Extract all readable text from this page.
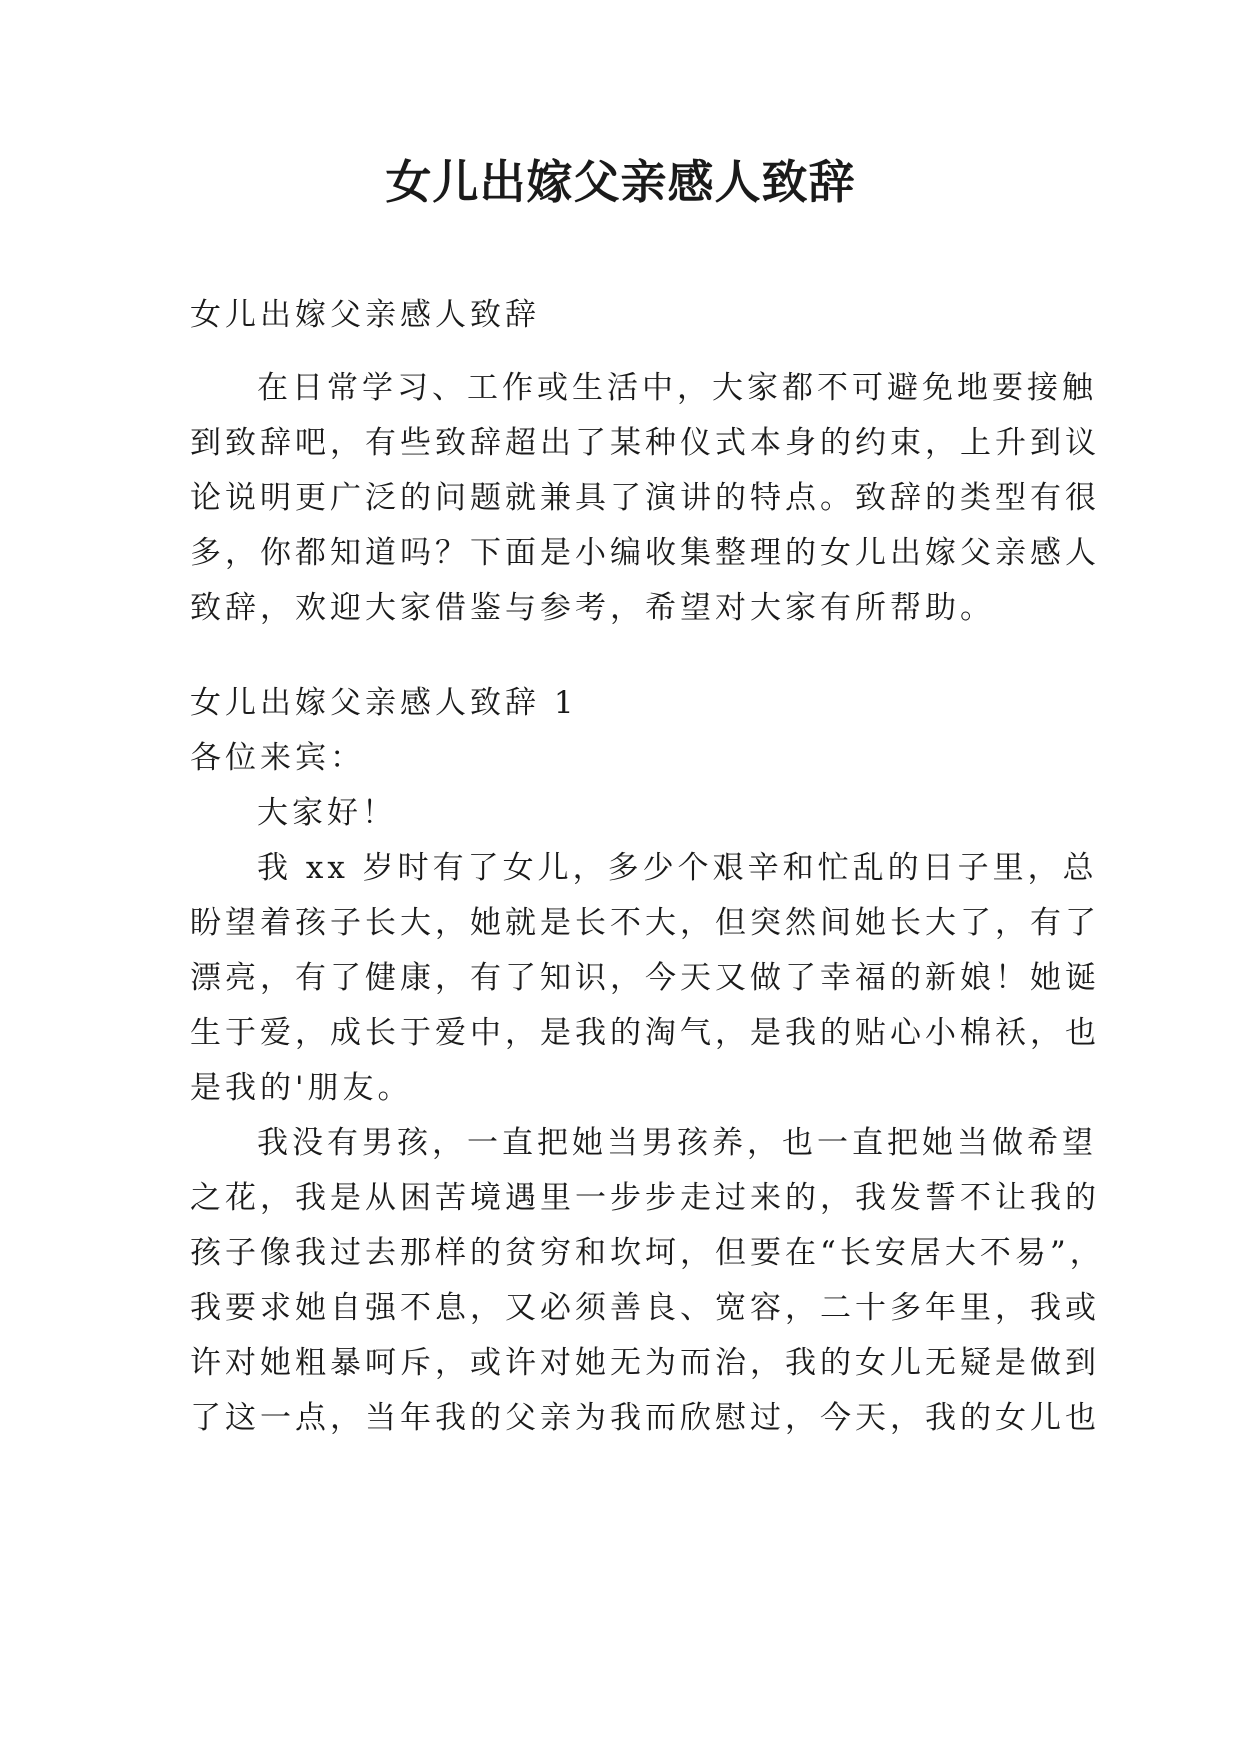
女儿出嫁父亲感人致辞
女儿出嫁父亲感人致辞
在日常学习、工作或生活中，大家都不可避免地要接触
到致辞吧，有些致辞超出了某种仪式本身的约束，上升到议
论说明更广泛的问题就兼具了演讲的特点。致辞的类型有很
多，你都知道吗？下面是小编收集整理的女儿出嫁父亲感人
致辞，欢迎大家借鉴与参考，希望对大家有所帮助。
女儿出嫁父亲感人致辞 1
各位来宾：
大家好！
我 xx 岁时有了女儿，多少个艰辛和忙乱的日子里，总
盼望着孩子长大，她就是长不大，但突然间她长大了，有了
漂亮，有了健康，有了知识，今天又做了幸福的新娘！她诞
生于爱，成长于爱中，是我的淘气，是我的贴心小棉袄，也
是我的'朋友。
我没有男孩，一直把她当男孩养，也一直把她当做希望
之花，我是从困苦境遇里一步步走过来的，我发誓不让我的
孩子像我过去那样的贫穷和坎坷，但要在“长安居大不易”，
我要求她自强不息，又必须善良、宽容，二十多年里，我或
许对她粗暴呵斥，或许对她无为而治，我的女儿无疑是做到
了这一点，当年我的父亲为我而欣慰过，今天，我的女儿也
